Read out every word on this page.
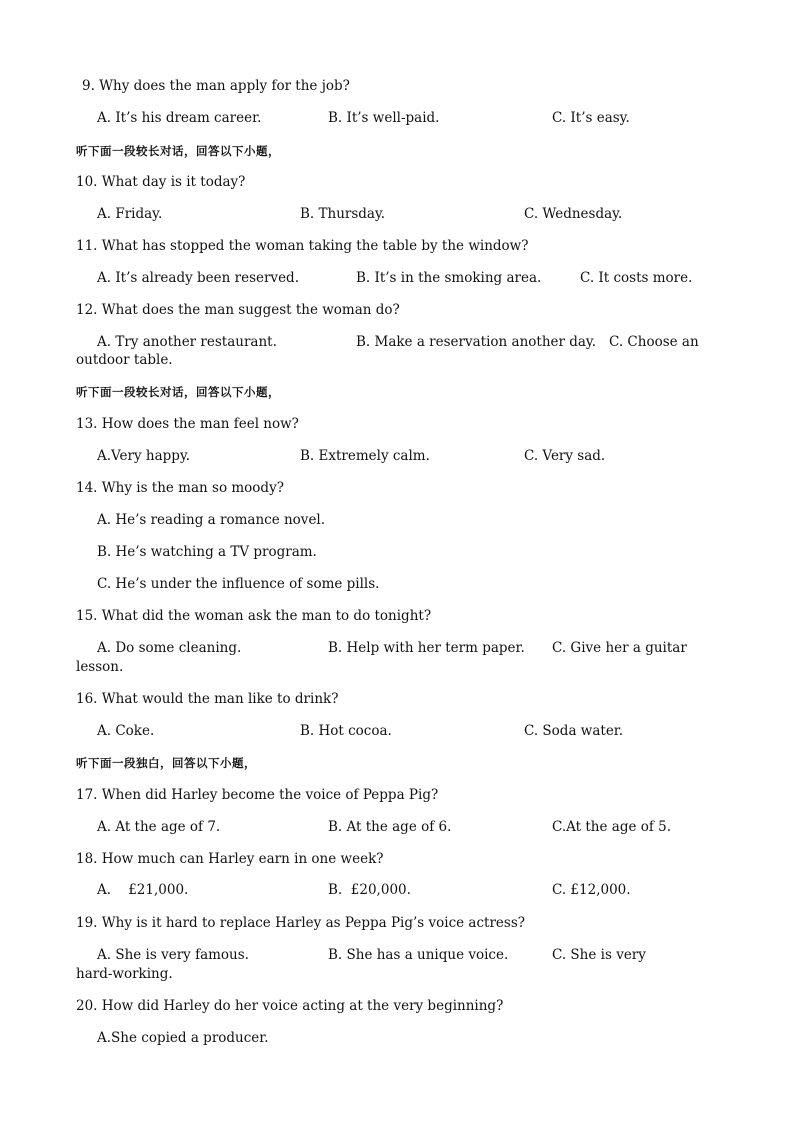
9. Why does the man apply for the job?
A. It’s his dream career.	B. It’s well-paid.	C. It’s easy.
听下面一段较长对话，回答以下小题，
10. What day is it today?
A. Friday.	B. Thursday.	C. Wednesday.
11. What has stopped the woman taking the table by the window?
A. It’s already been reserved.	B. It’s in the smoking area.	C. It costs more.
12. What does the man suggest the woman do?
A. Try another restaurant.	B. Make a reservation another day. C. Choose an
outdoor table.
听下面一段较长对话，回答以下小题，
13. How does the man feel now?
A.Very happy.	B. Extremely calm.	C. Very sad.
14. Why is the man so moody?
A. He’s reading a romance novel.
B. He’s watching a TV program.
C. He’s under the influence of some pills.
15. What did the woman ask the man to do tonight?
A. Do some cleaning.	B. Help with her term paper. C. Give her a guitar
lesson.
16. What would the man like to drink?
A. Coke.	B. Hot cocoa.	C. Soda water.
听下面一段独白，回答以下小题，
17. When did Harley become the voice of Peppa Pig?
A. At the age of 7.	B. At the age of 6.	C.At the age of 5.
18. How much can Harley earn in one week?
A.    £21,000.	B.  £20,000.	C. £12,000.
19. Why is it hard to replace Harley as Peppa Pig’s voice actress?
A. She is very famous.	B. She has a unique voice.	C. She is very
hard-working.
20. How did Harley do her voice acting at the very beginning?
A.She copied a producer.
